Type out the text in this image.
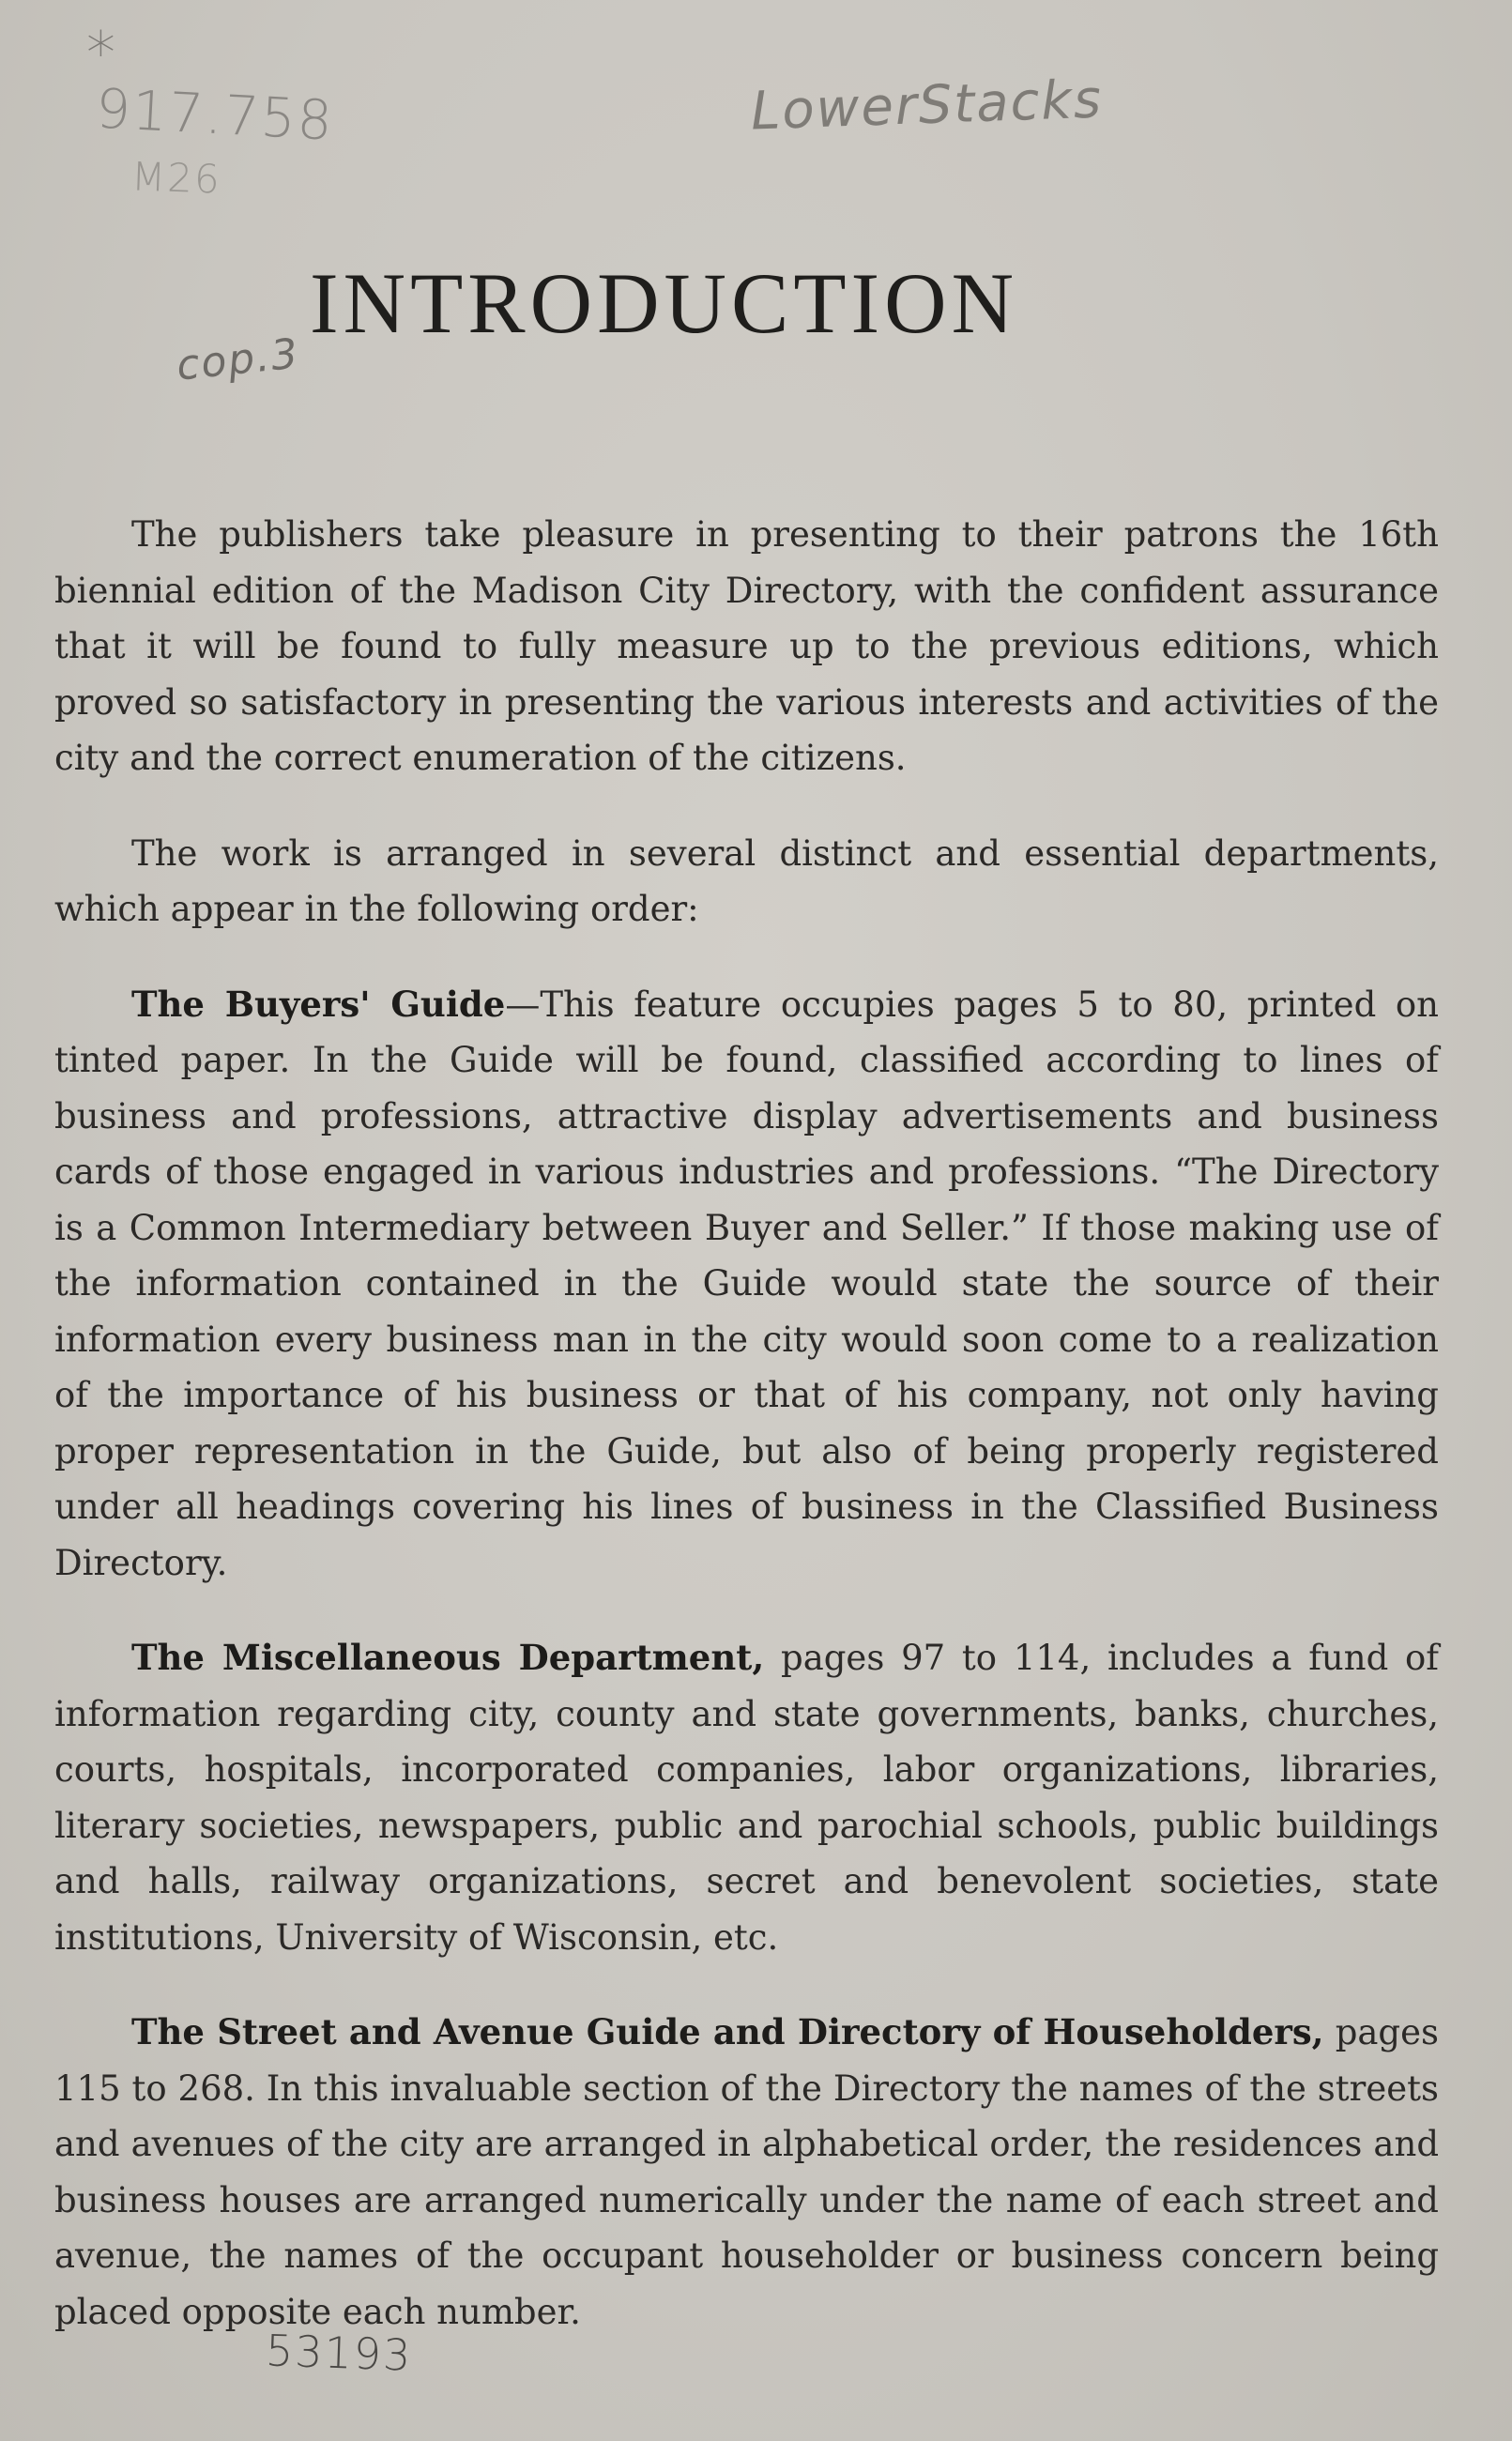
*
917.758
M26
LowerStacks
cop.3
INTRODUCTION

The publishers take pleasure in presenting to their patrons the 16th biennial edition of the Madison City Directory, with the confident assurance that it will be found to fully measure up to the previous editions, which proved so satisfactory in presenting the various interests and activities of the city and the correct enumeration of the citizens.

The work is arranged in several distinct and essential departments, which appear in the following order:

The Buyers' Guide—This feature occupies pages 5 to 80, printed on tinted paper. In the Guide will be found, classified according to lines of business and professions, attractive display advertisements and business cards of those engaged in various industries and professions. “The Directory is a Common Intermediary between Buyer and Seller.” If those making use of the information contained in the Guide would state the source of their information every business man in the city would soon come to a realization of the importance of his business or that of his company, not only having proper representation in the Guide, but also of being properly registered under all headings covering his lines of business in the Classified Business Directory.

The Miscellaneous Department, pages 97 to 114, includes a fund of information regarding city, county and state governments, banks, churches, courts, hospitals, incorporated companies, labor organizations, libraries, literary societies, newspapers, public and parochial schools, public buildings and halls, railway organizations, secret and benevolent societies, state institutions, University of Wisconsin, etc.

The Street and Avenue Guide and Directory of Householders, pages 115 to 268. In this invaluable section of the Directory the names of the streets and avenues of the city are arranged in alphabetical order, the residences and business houses are arranged numerically under the name of each street and avenue, the names of the occupant householder or business concern being placed opposite each number.

53193
